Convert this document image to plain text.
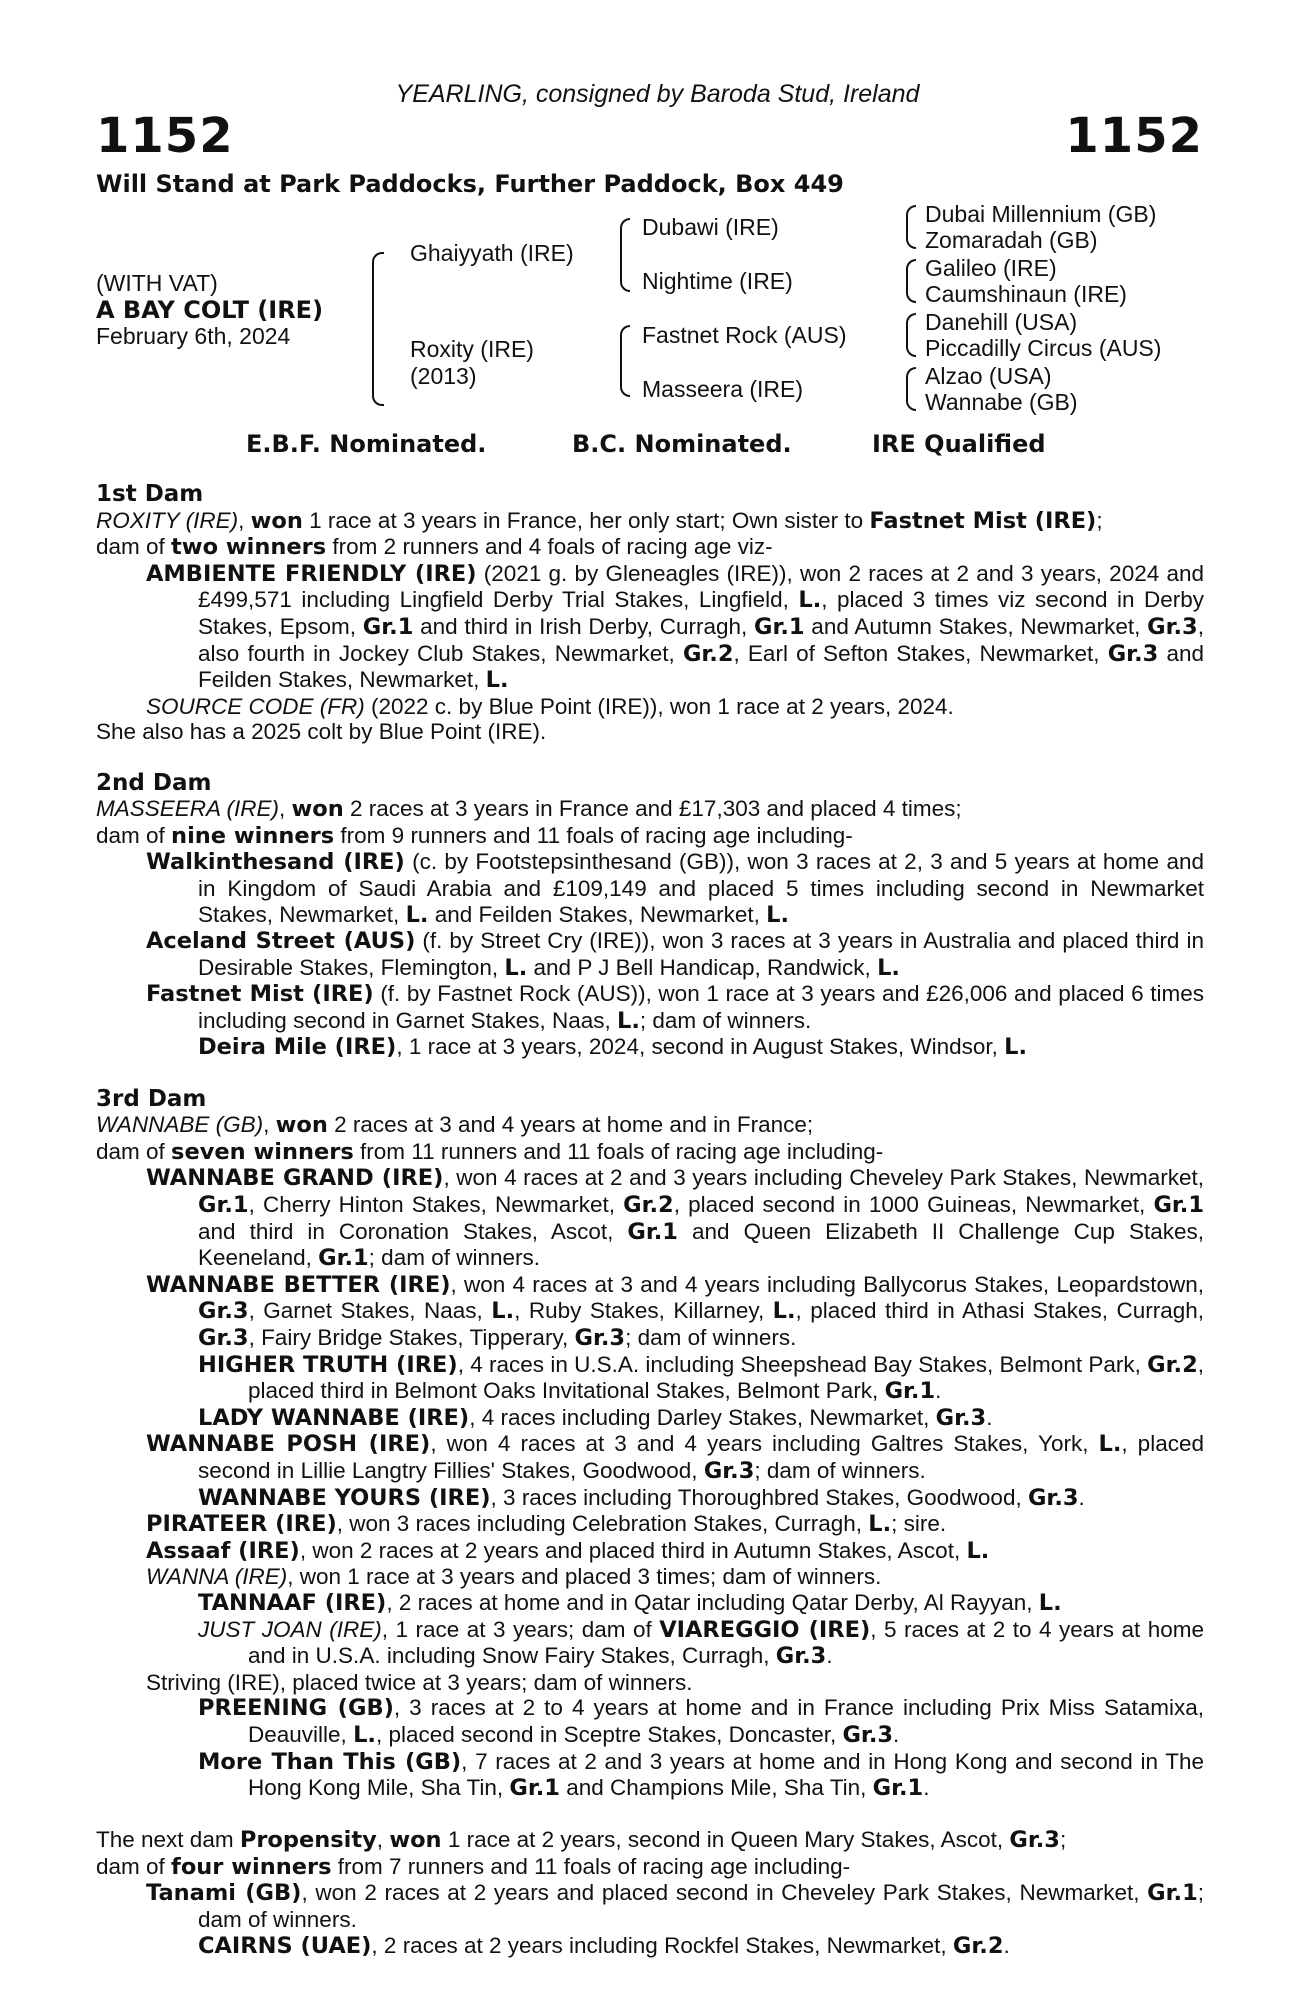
YEARLING, consigned by Baroda Stud, Ireland
1152	1152
Will Stand at Park Paddocks, Further Paddock, Box 449
(WITH VAT)
A BAY COLT (IRE)
February 6th, 2024
Ghaiyyath (IRE)
Roxity (IRE)
(2013)
Dubawi (IRE)
Nightime (IRE)
Fastnet Rock (AUS)
Masseera (IRE)
Dubai Millennium (GB)
Zomaradah (GB)
Galileo (IRE)
Caumshinaun (IRE)
Danehill (USA)
Piccadilly Circus (AUS)
Alzao (USA)
Wannabe (GB)
E.B.F. Nominated.	B.C. Nominated.	IRE Qualified

1st Dam

ROXITY (IRE), won 1 race at 3 years in France, her only start; Own sister to Fastnet Mist (IRE);

dam of two winners from 2 runners and 4 foals of racing age viz-

AMBIENTE FRIENDLY (IRE) (2021 g. by Gleneagles (IRE)), won 2 races at 2 and 3 years, 2024 and £499,571 including Lingfield Derby Trial Stakes, Lingfield, L., placed 3 times viz second in Derby Stakes, Epsom, Gr.1 and third in Irish Derby, Curragh, Gr.1 and Autumn Stakes, Newmarket, Gr.3, also fourth in Jockey Club Stakes, Newmarket, Gr.2, Earl of Sefton Stakes, Newmarket, Gr.3 and Feilden Stakes, Newmarket, L.

SOURCE CODE (FR) (2022 c. by Blue Point (IRE)), won 1 race at 2 years, 2024.

She also has a 2025 colt by Blue Point (IRE).

2nd Dam

MASSEERA (IRE), won 2 races at 3 years in France and £17,303 and placed 4 times;

dam of nine winners from 9 runners and 11 foals of racing age including-

Walkinthesand (IRE) (c. by Footstepsinthesand (GB)), won 3 races at 2, 3 and 5 years at home and in Kingdom of Saudi Arabia and £109,149 and placed 5 times including second in Newmarket Stakes, Newmarket, L. and Feilden Stakes, Newmarket, L.

Aceland Street (AUS) (f. by Street Cry (IRE)), won 3 races at 3 years in Australia and placed third in Desirable Stakes, Flemington, L. and P J Bell Handicap, Randwick, L.

Fastnet Mist (IRE) (f. by Fastnet Rock (AUS)), won 1 race at 3 years and £26,006 and placed 6 times including second in Garnet Stakes, Naas, L.; dam of winners.

Deira Mile (IRE), 1 race at 3 years, 2024, second in August Stakes, Windsor, L.

3rd Dam

WANNABE (GB), won 2 races at 3 and 4 years at home and in France;

dam of seven winners from 11 runners and 11 foals of racing age including-

WANNABE GRAND (IRE), won 4 races at 2 and 3 years including Cheveley Park Stakes, Newmarket, Gr.1, Cherry Hinton Stakes, Newmarket, Gr.2, placed second in 1000 Guineas, Newmarket, Gr.1 and third in Coronation Stakes, Ascot, Gr.1 and Queen Elizabeth II Challenge Cup Stakes, Keeneland, Gr.1; dam of winners.

WANNABE BETTER (IRE), won 4 races at 3 and 4 years including Ballycorus Stakes, Leopardstown, Gr.3, Garnet Stakes, Naas, L., Ruby Stakes, Killarney, L., placed third in Athasi Stakes, Curragh, Gr.3, Fairy Bridge Stakes, Tipperary, Gr.3; dam of winners.

HIGHER TRUTH (IRE), 4 races in U.S.A. including Sheepshead Bay Stakes, Belmont Park, Gr.2, placed third in Belmont Oaks Invitational Stakes, Belmont Park, Gr.1.

LADY WANNABE (IRE), 4 races including Darley Stakes, Newmarket, Gr.3.

WANNABE POSH (IRE), won 4 races at 3 and 4 years including Galtres Stakes, York, L., placed second in Lillie Langtry Fillies' Stakes, Goodwood, Gr.3; dam of winners.

WANNABE YOURS (IRE), 3 races including Thoroughbred Stakes, Goodwood, Gr.3.

PIRATEER (IRE), won 3 races including Celebration Stakes, Curragh, L.; sire.

Assaaf (IRE), won 2 races at 2 years and placed third in Autumn Stakes, Ascot, L.

WANNA (IRE), won 1 race at 3 years and placed 3 times; dam of winners.

TANNAAF (IRE), 2 races at home and in Qatar including Qatar Derby, Al Rayyan, L.

JUST JOAN (IRE), 1 race at 3 years; dam of VIAREGGIO (IRE), 5 races at 2 to 4 years at home and in U.S.A. including Snow Fairy Stakes, Curragh, Gr.3.

Striving (IRE), placed twice at 3 years; dam of winners.

PREENING (GB), 3 races at 2 to 4 years at home and in France including Prix Miss Satamixa, Deauville, L., placed second in Sceptre Stakes, Doncaster, Gr.3.

More Than This (GB), 7 races at 2 and 3 years at home and in Hong Kong and second in The Hong Kong Mile, Sha Tin, Gr.1 and Champions Mile, Sha Tin, Gr.1.

The next dam Propensity, won 1 race at 2 years, second in Queen Mary Stakes, Ascot, Gr.3;

dam of four winners from 7 runners and 11 foals of racing age including-

Tanami (GB), won 2 races at 2 years and placed second in Cheveley Park Stakes, Newmarket, Gr.1; dam of winners.

CAIRNS (UAE), 2 races at 2 years including Rockfel Stakes, Newmarket, Gr.2.
